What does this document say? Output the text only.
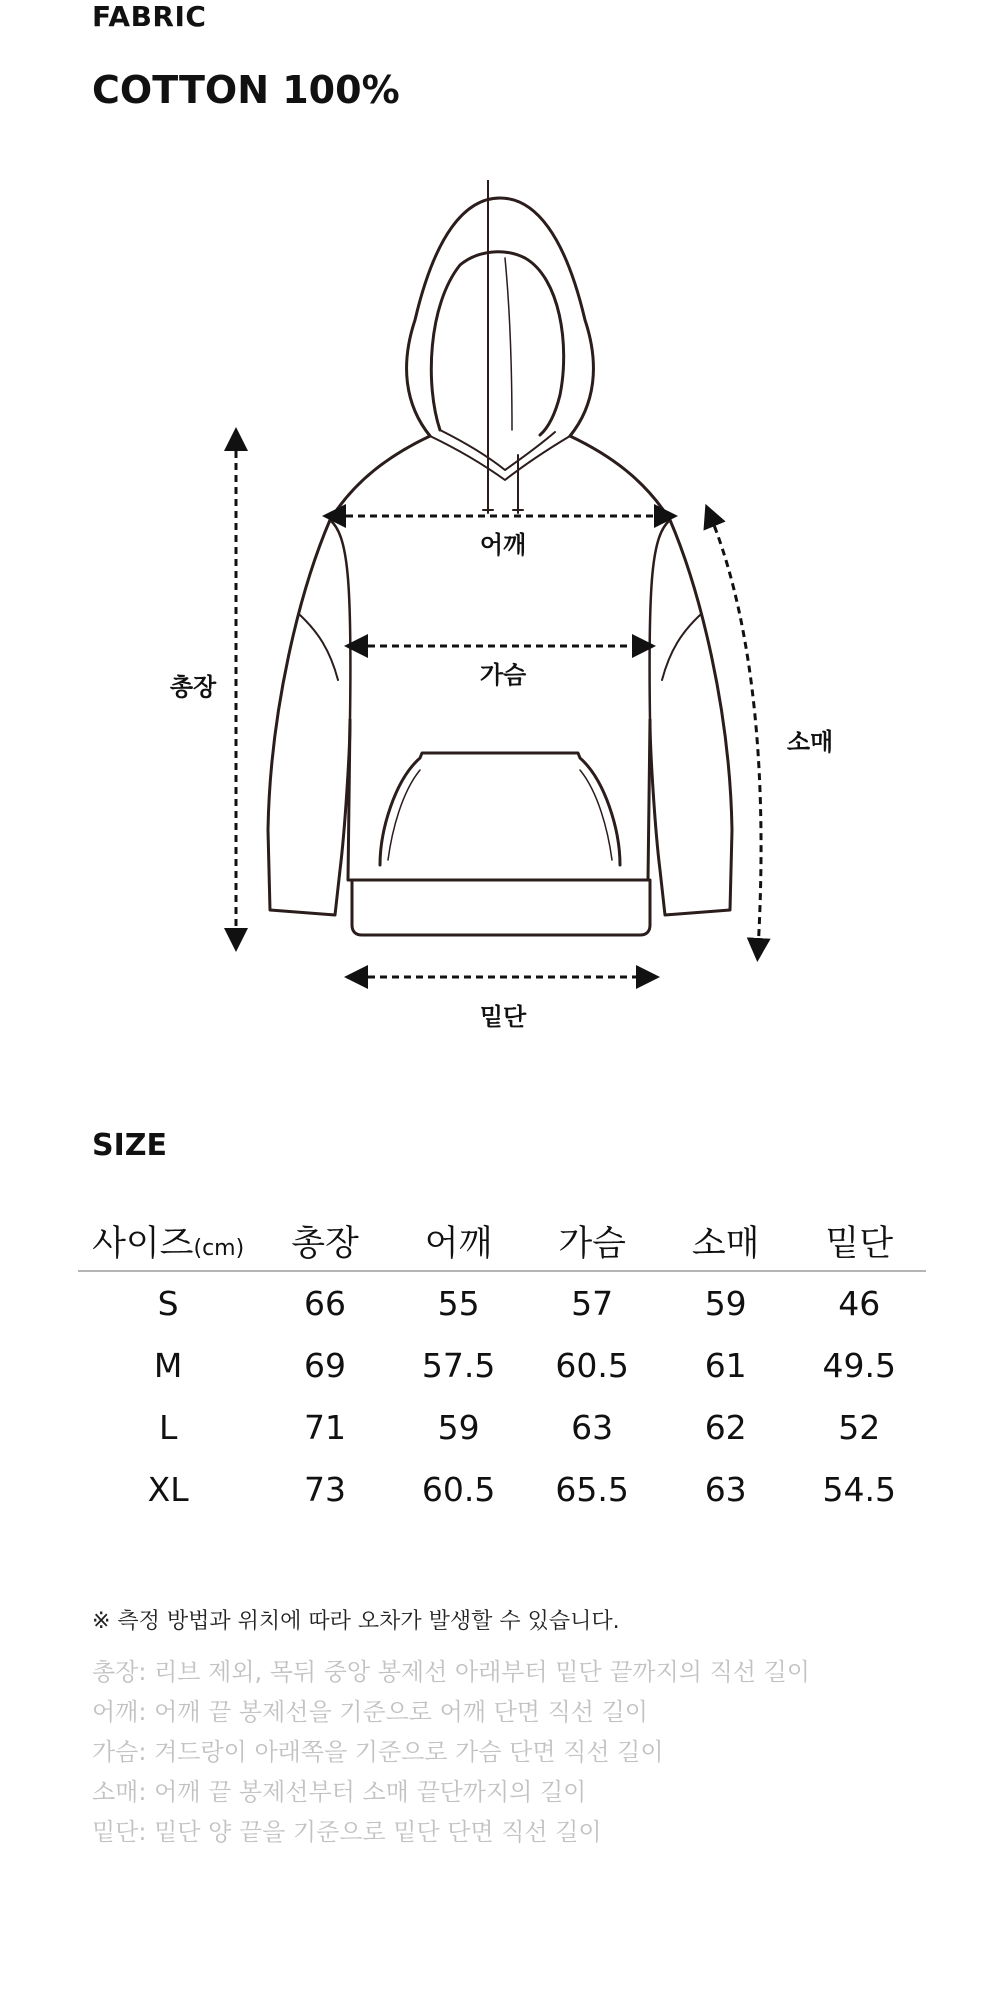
FABRIC
COTTON 100%
어깨
가슴
총장
소매
밑단
SIZE
사이즈(cm)	총장	어깨	가슴	소매	밑단
S	66	55	57	59	46
M	69	57.5	60.5	61	49.5
L	71	59	63	62	52
XL	73	60.5	65.5	63	54.5
※ 측정 방법과 위치에 따라 오차가 발생할 수 있습니다.
총장: 리브 제외, 목뒤 중앙 봉제선 아래부터 밑단 끝까지의 직선 길이
어깨: 어깨 끝 봉제선을 기준으로 어깨 단면 직선 길이
가슴: 겨드랑이 아래쪽을 기준으로 가슴 단면 직선 길이
소매: 어깨 끝 봉제선부터 소매 끝단까지의 길이
밑단: 밑단 양 끝을 기준으로 밑단 단면 직선 길이
